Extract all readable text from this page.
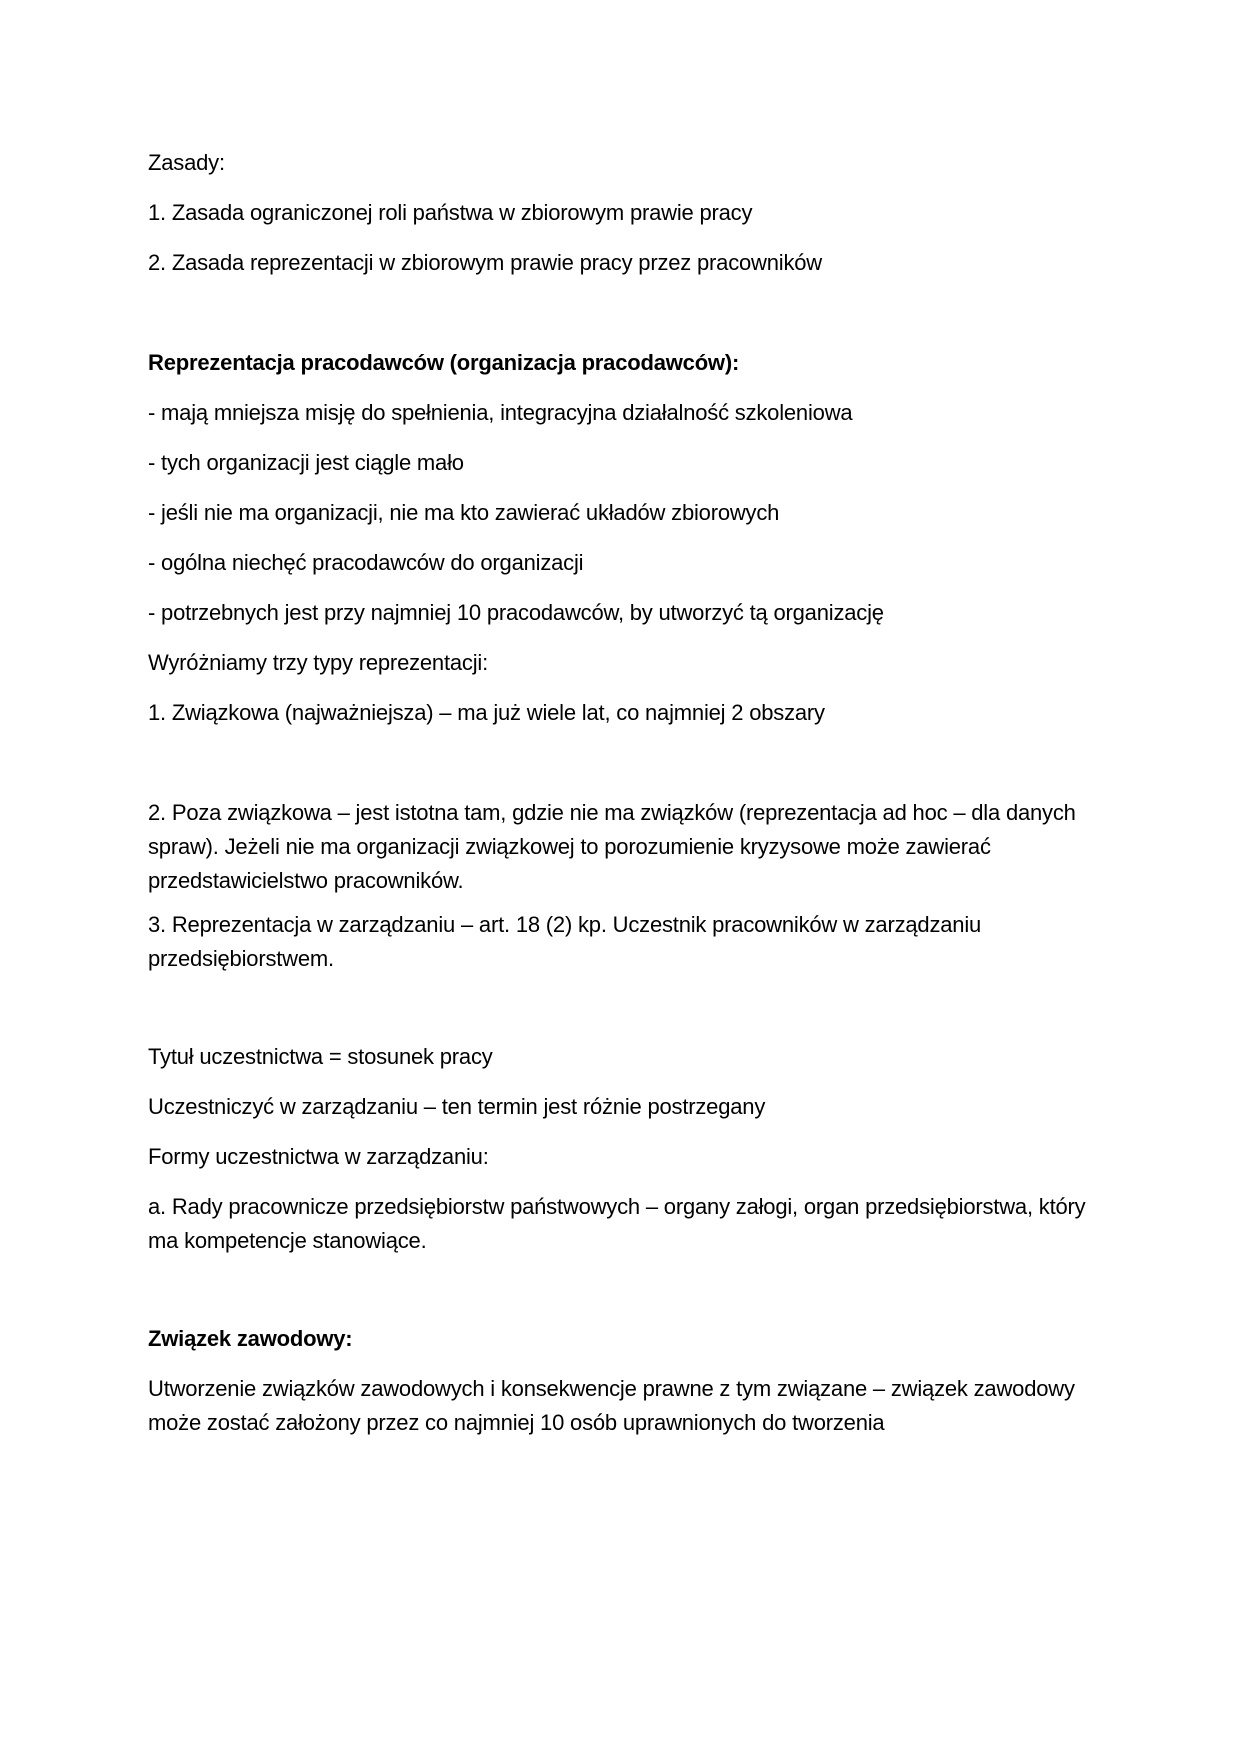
Zasady:
1. Zasada ograniczonej roli państwa w zbiorowym prawie pracy
2. Zasada reprezentacji w zbiorowym prawie pracy przez pracowników
Reprezentacja pracodawców (organizacja pracodawców):
- mają mniejsza misję do spełnienia, integracyjna działalność szkoleniowa
- tych organizacji jest ciągle mało
- jeśli nie ma organizacji, nie ma kto zawierać układów zbiorowych
- ogólna niechęć pracodawców do organizacji
- potrzebnych jest przy najmniej 10 pracodawców, by utworzyć tą organizację
Wyróżniamy trzy typy reprezentacji:
1. Związkowa (najważniejsza) – ma już wiele lat, co najmniej 2 obszary
2. Poza związkowa – jest istotna tam, gdzie nie ma związków (reprezentacja ad hoc – dla danych spraw). Jeżeli nie ma organizacji związkowej to porozumienie kryzysowe może zawierać przedstawicielstwo pracowników.
3. Reprezentacja w zarządzaniu – art. 18 (2) kp. Uczestnik pracowników w zarządzaniu przedsiębiorstwem.
Tytuł uczestnictwa = stosunek pracy
Uczestniczyć w zarządzaniu – ten termin jest różnie postrzegany
Formy uczestnictwa w zarządzaniu:
a. Rady pracownicze przedsiębiorstw państwowych – organy załogi, organ przedsiębiorstwa, który ma kompetencje stanowiące.
Związek zawodowy:
Utworzenie związków zawodowych i konsekwencje prawne z tym związane – związek zawodowy może zostać założony przez co najmniej 10 osób uprawnionych do tworzenia
